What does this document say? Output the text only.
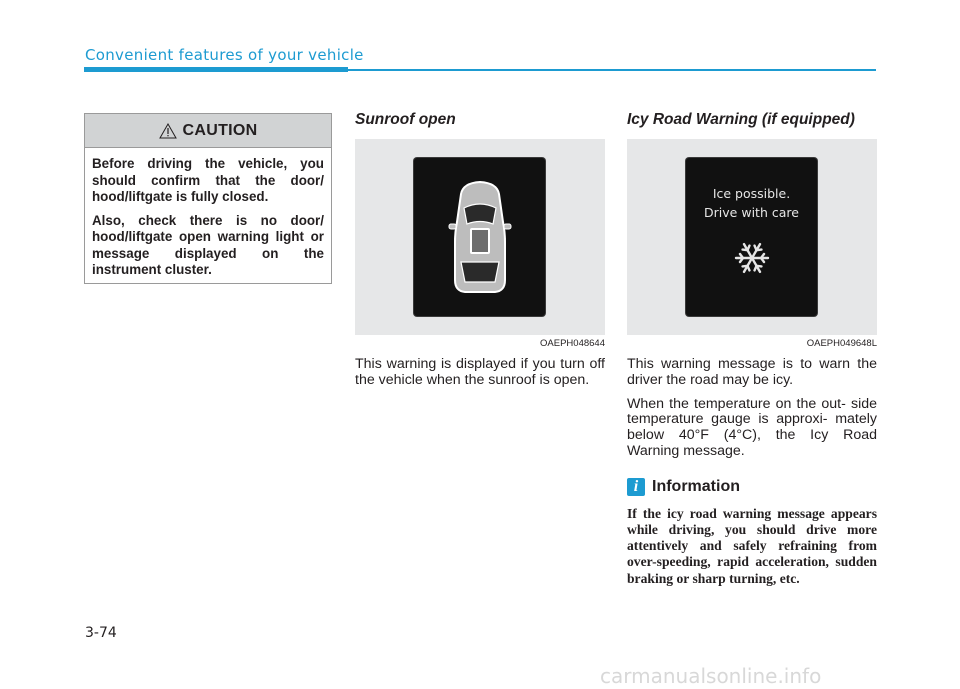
Convenient features of your vehicle
CAUTION

Before driving the vehicle, you should confirm that the door/ hood/liftgate is fully closed.

Also, check there is no door/ hood/liftgate open warning light or message displayed on the instrument cluster.

Sunroof open
OAEPH048644

This warning is displayed if you turn off the vehicle when the sunroof is open.

Icy Road Warning (if equipped)
Ice possible.
Drive with care
OAEPH049648L

This warning message is to warn the driver the road may be icy.

When the temperature on the out- side temperature gauge is approxi- mately below 40°F (4°C), the Icy Road Warning message.

i Information

If the icy road warning message appears while driving, you should drive more attentively and safely refraining from over-speeding, rapid acceleration, sudden braking or sharp turning, etc.

3-74
carmanualsonline.info
